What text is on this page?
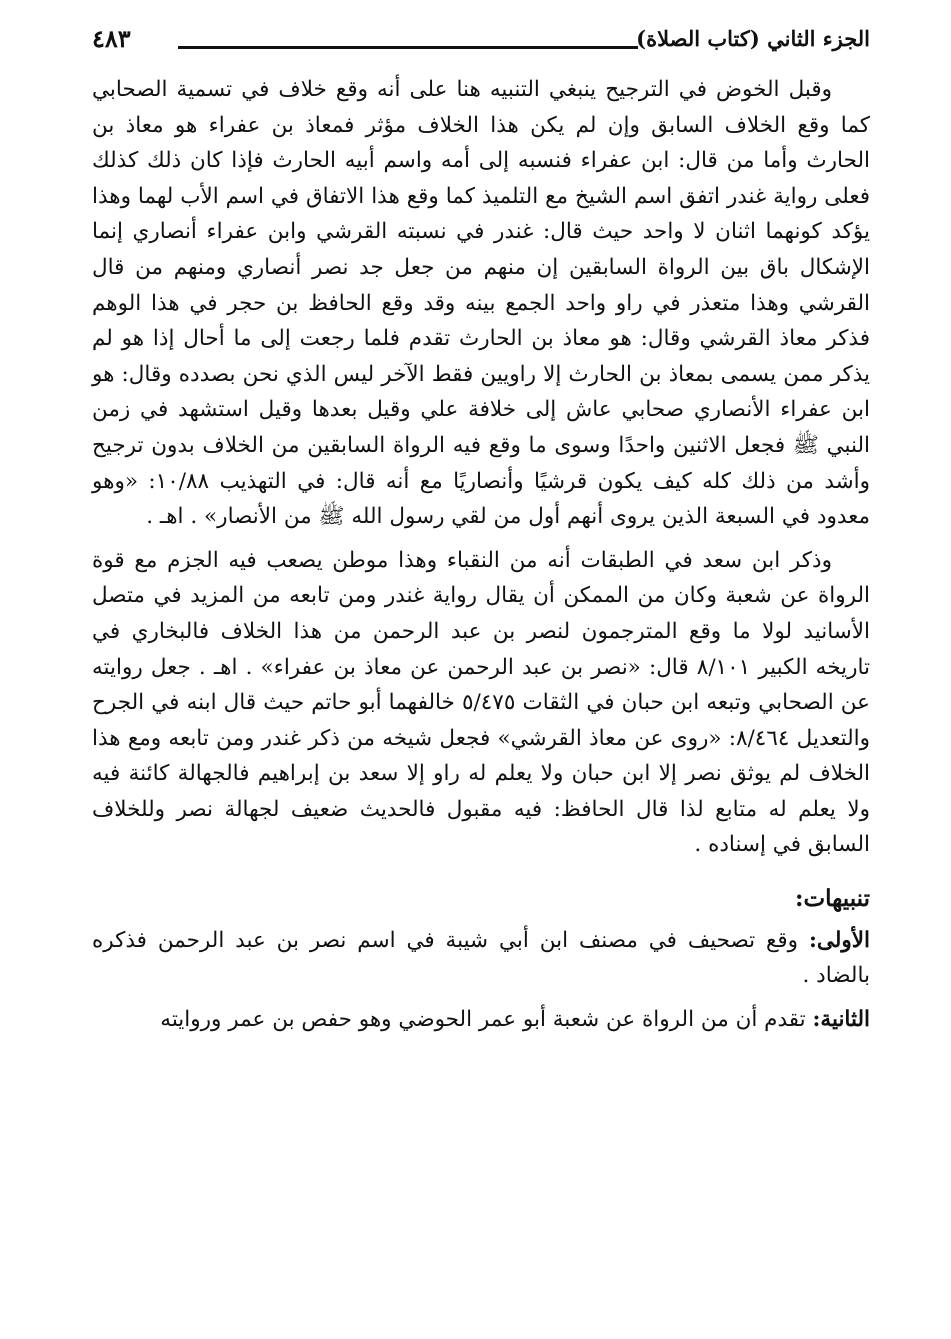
الجزء الثاني (كتاب الصلاة)
٤٨٣

وقبل الخوض في الترجيح ينبغي التنبيه هنا على أنه وقع خلاف في تسمية الصحابي كما وقع الخلاف السابق وإن لم يكن هذا الخلاف مؤثر فمعاذ بن عفراء هو معاذ بن الحارث وأما من قال: ابن عفراء فنسبه إلى أمه واسم أبيه الحارث فإذا كان ذلك كذلك فعلى رواية غندر اتفق اسم الشيخ مع التلميذ كما وقع هذا الاتفاق في اسم الأب لهما وهذا يؤكد كونهما اثنان لا واحد حيث قال: غندر في نسبته القرشي وابن عفراء أنصاري إنما الإشكال باق بين الرواة السابقين إن منهم من جعل جد نصر أنصاري ومنهم من قال القرشي وهذا متعذر في راو واحد الجمع بينه وقد وقع الحافظ بن حجر في هذا الوهم فذكر معاذ القرشي وقال: هو معاذ بن الحارث تقدم فلما رجعت إلى ما أحال إذا هو لم يذكر ممن يسمى بمعاذ بن الحارث إلا راويين فقط الآخر ليس الذي نحن بصدده وقال: هو ابن عفراء الأنصاري صحابي عاش إلى خلافة علي وقيل بعدها وقيل استشهد في زمن النبي ﷺ فجعل الاثنين واحدًا وسوى ما وقع فيه الرواة السابقين من الخلاف بدون ترجيح وأشد من ذلك كله كيف يكون قرشيًا وأنصاريًا مع أنه قال: في التهذيب ١٠/٨٨: «وهو معدود في السبعة الذين يروى أنهم أول من لقي رسول الله ﷺ من الأنصار» . اهـ .

وذكر ابن سعد في الطبقات أنه من النقباء وهذا موطن يصعب فيه الجزم مع قوة الرواة عن شعبة وكان من الممكن أن يقال رواية غندر ومن تابعه من المزيد في متصل الأسانيد لولا ما وقع المترجمون لنصر بن عبد الرحمن من هذا الخلاف فالبخاري في تاريخه الكبير ٨/١٠١ قال: «نصر بن عبد الرحمن عن معاذ بن عفراء» . اهـ . جعل روايته عن الصحابي وتبعه ابن حبان في الثقات ٥/٤٧٥ خالفهما أبو حاتم حيث قال ابنه في الجرح والتعديل ٨/٤٦٤: «روى عن معاذ القرشي» فجعل شيخه من ذكر غندر ومن تابعه ومع هذا الخلاف لم يوثق نصر إلا ابن حبان ولا يعلم له راو إلا سعد بن إبراهيم فالجهالة كائنة فيه ولا يعلم له متابع لذا قال الحافظ: فيه مقبول فالحديث ضعيف لجهالة نصر وللخلاف السابق في إسناده .

تنبيهات:

الأولى: وقع تصحيف في مصنف ابن أبي شيبة في اسم نصر بن عبد الرحمن فذكره بالضاد .

الثانية: تقدم أن من الرواة عن شعبة أبو عمر الحوضي وهو حفص بن عمر وروايته
